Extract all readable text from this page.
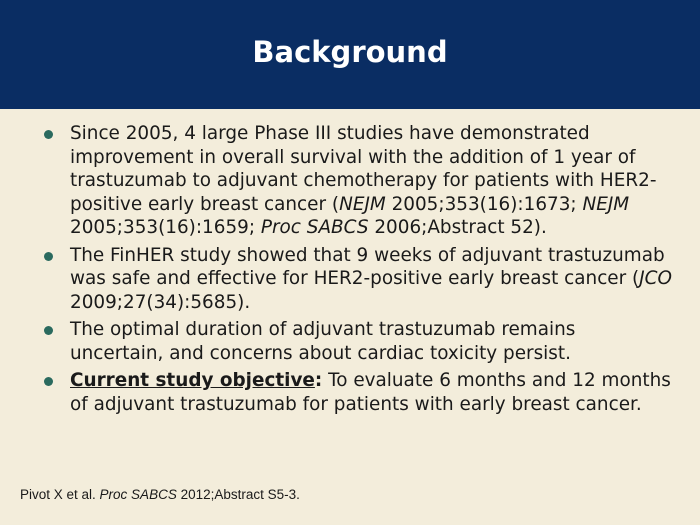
Background
Since 2005, 4 large Phase III studies have demonstrated improvement in overall survival with the addition of 1 year of trastuzumab to adjuvant chemotherapy for patients with HER2-positive early breast cancer (NEJM 2005;353(16):1673; NEJM 2005;353(16):1659; Proc SABCS 2006;Abstract 52).
The FinHER study showed that 9 weeks of adjuvant trastuzumab was safe and effective for HER2-positive early breast cancer (JCO 2009;27(34):5685).
The optimal duration of adjuvant trastuzumab remains uncertain, and concerns about cardiac toxicity persist.
Current study objective: To evaluate 6 months and 12 months of adjuvant trastuzumab for patients with early breast cancer.
Pivot X et al. Proc SABCS 2012;Abstract S5-3.
